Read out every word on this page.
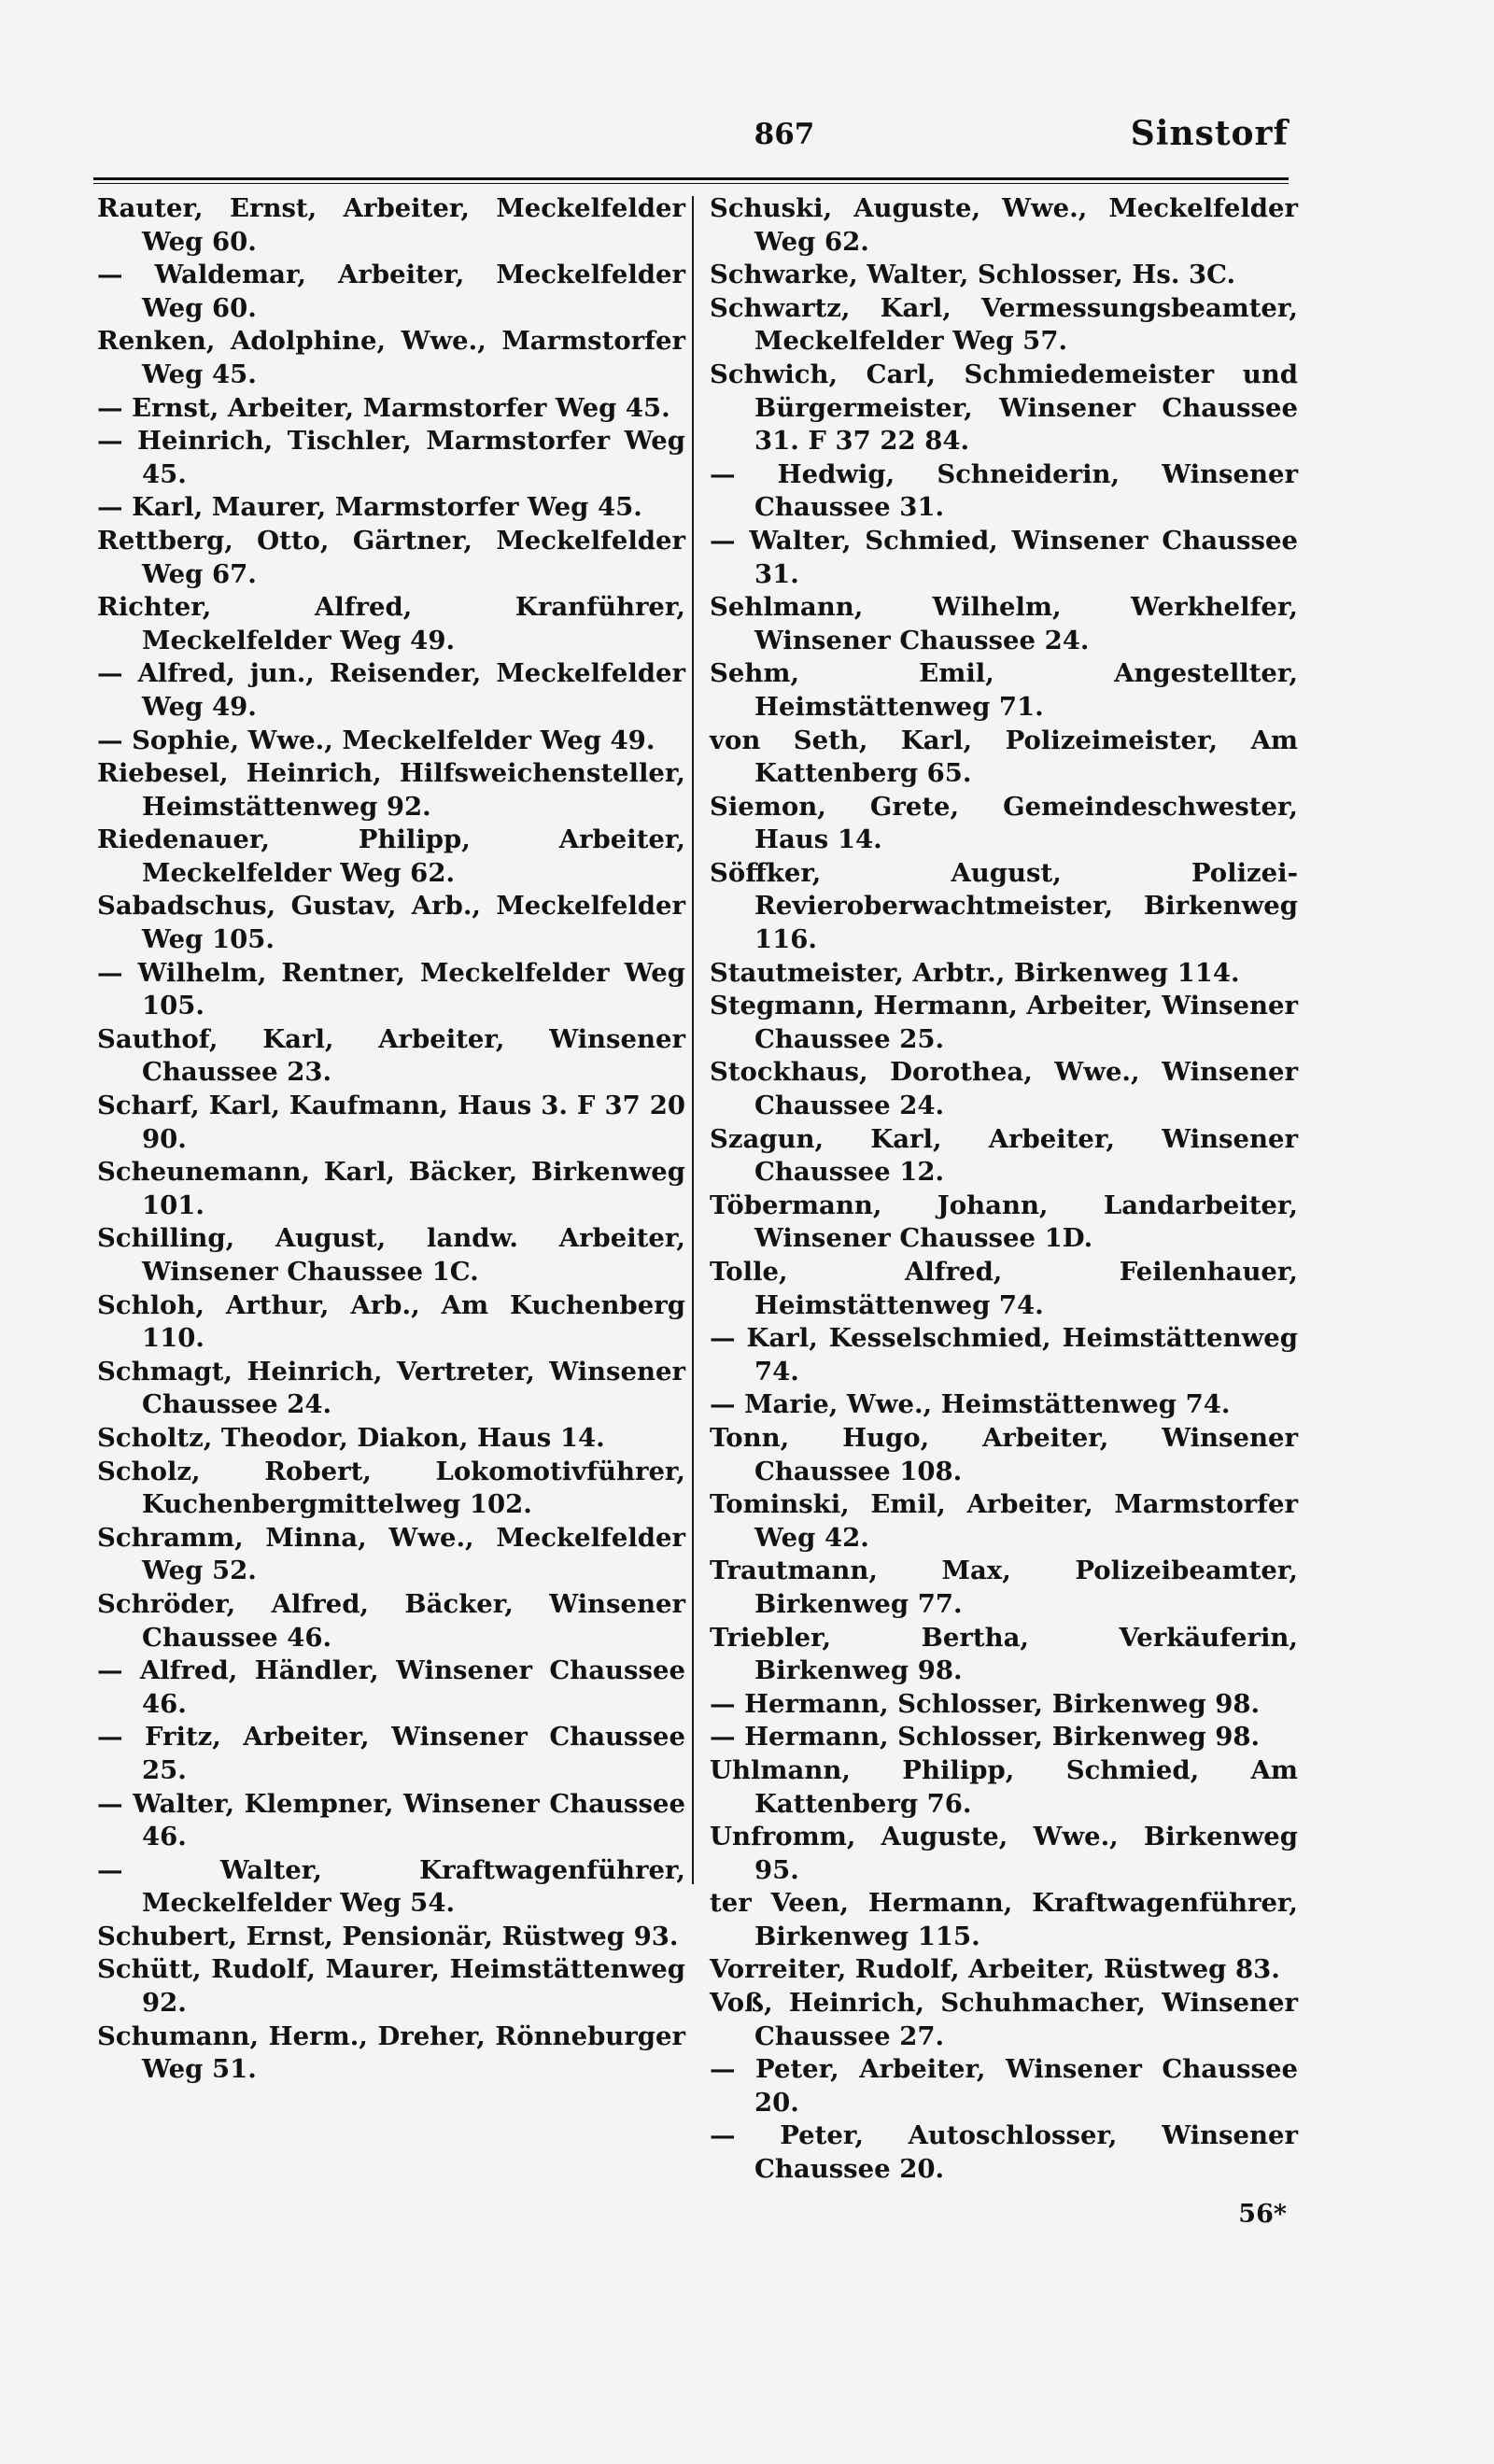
867	Sinstorf

Rauter, Ernst, Arbeiter, Meckelfelder Weg 60.

— Waldemar, Arbeiter, Meckelfelder Weg 60.

Renken, Adolphine, Wwe., Marmstorfer Weg 45.

— Ernst, Arbeiter, Marmstorfer Weg 45.

— Heinrich, Tischler, Marmstorfer Weg 45.

— Karl, Maurer, Marmstorfer Weg 45.

Rettberg, Otto, Gärtner, Meckelfelder Weg 67.

Richter, Alfred, Kranführer, Meckelfelder Weg 49.

— Alfred, jun., Reisender, Meckelfelder Weg 49.

— Sophie, Wwe., Meckelfelder Weg 49.

Riebesel, Heinrich, Hilfsweichensteller, Heimstättenweg 92.

Riedenauer, Philipp, Arbeiter, Meckelfelder Weg 62.

Sabadschus, Gustav, Arb., Meckelfelder Weg 105.

— Wilhelm, Rentner, Meckelfelder Weg 105.

Sauthof, Karl, Arbeiter, Winsener Chaussee 23.

Scharf, Karl, Kaufmann, Haus 3. F 37 20 90.

Scheunemann, Karl, Bäcker, Birkenweg 101.

Schilling, August, landw. Arbeiter, Winsener Chaussee 1C.

Schloh, Arthur, Arb., Am Kuchenberg 110.

Schmagt, Heinrich, Vertreter, Winsener Chaussee 24.

Scholtz, Theodor, Diakon, Haus 14.

Scholz, Robert, Lokomotivführer, Kuchenbergmittelweg 102.

Schramm, Minna, Wwe., Meckelfelder Weg 52.

Schröder, Alfred, Bäcker, Winsener Chaussee 46.

— Alfred, Händler, Winsener Chaussee 46.

— Fritz, Arbeiter, Winsener Chaussee 25.

— Walter, Klempner, Winsener Chaussee 46.

— Walter, Kraftwagenführer, Meckelfelder Weg 54.

Schubert, Ernst, Pensionär, Rüstweg 93.

Schütt, Rudolf, Maurer, Heimstättenweg 92.

Schumann, Herm., Dreher, Rönneburger Weg 51.

Schuski, Auguste, Wwe., Meckelfelder Weg 62.

Schwarke, Walter, Schlosser, Hs. 3C.

Schwartz, Karl, Vermessungsbeamter, Meckelfelder Weg 57.

Schwich, Carl, Schmiedemeister und Bürgermeister, Winsener Chaussee 31. F 37 22 84.

— Hedwig, Schneiderin, Winsener Chaussee 31.

— Walter, Schmied, Winsener Chaussee 31.

Sehlmann, Wilhelm, Werkhelfer, Winsener Chaussee 24.

Sehm, Emil, Angestellter, Heimstättenweg 71.

von Seth, Karl, Polizeimeister, Am Kattenberg 65.

Siemon, Grete, Gemeindeschwester, Haus 14.

Söffker, August, Polizei-Revieroberwachtmeister, Birkenweg 116.

Stautmeister, Arbtr., Birkenweg 114.

Stegmann, Hermann, Arbeiter, Winsener Chaussee 25.

Stockhaus, Dorothea, Wwe., Winsener Chaussee 24.

Szagun, Karl, Arbeiter, Winsener Chaussee 12.

Töbermann, Johann, Landarbeiter, Winsener Chaussee 1D.

Tolle, Alfred, Feilenhauer, Heimstättenweg 74.

— Karl, Kesselschmied, Heimstättenweg 74.

— Marie, Wwe., Heimstättenweg 74.

Tonn, Hugo, Arbeiter, Winsener Chaussee 108.

Tominski, Emil, Arbeiter, Marmstorfer Weg 42.

Trautmann, Max, Polizeibeamter, Birkenweg 77.

Triebler, Bertha, Verkäuferin, Birkenweg 98.

— Hermann, Schlosser, Birkenweg 98.

— Hermann, Schlosser, Birkenweg 98.

Uhlmann, Philipp, Schmied, Am Kattenberg 76.

Unfromm, Auguste, Wwe., Birkenweg 95.

ter Veen, Hermann, Kraftwagenführer, Birkenweg 115.

Vorreiter, Rudolf, Arbeiter, Rüstweg 83.

Voß, Heinrich, Schuhmacher, Winsener Chaussee 27.

— Peter, Arbeiter, Winsener Chaussee 20.

— Peter, Autoschlosser, Winsener Chaussee 20.

56*
